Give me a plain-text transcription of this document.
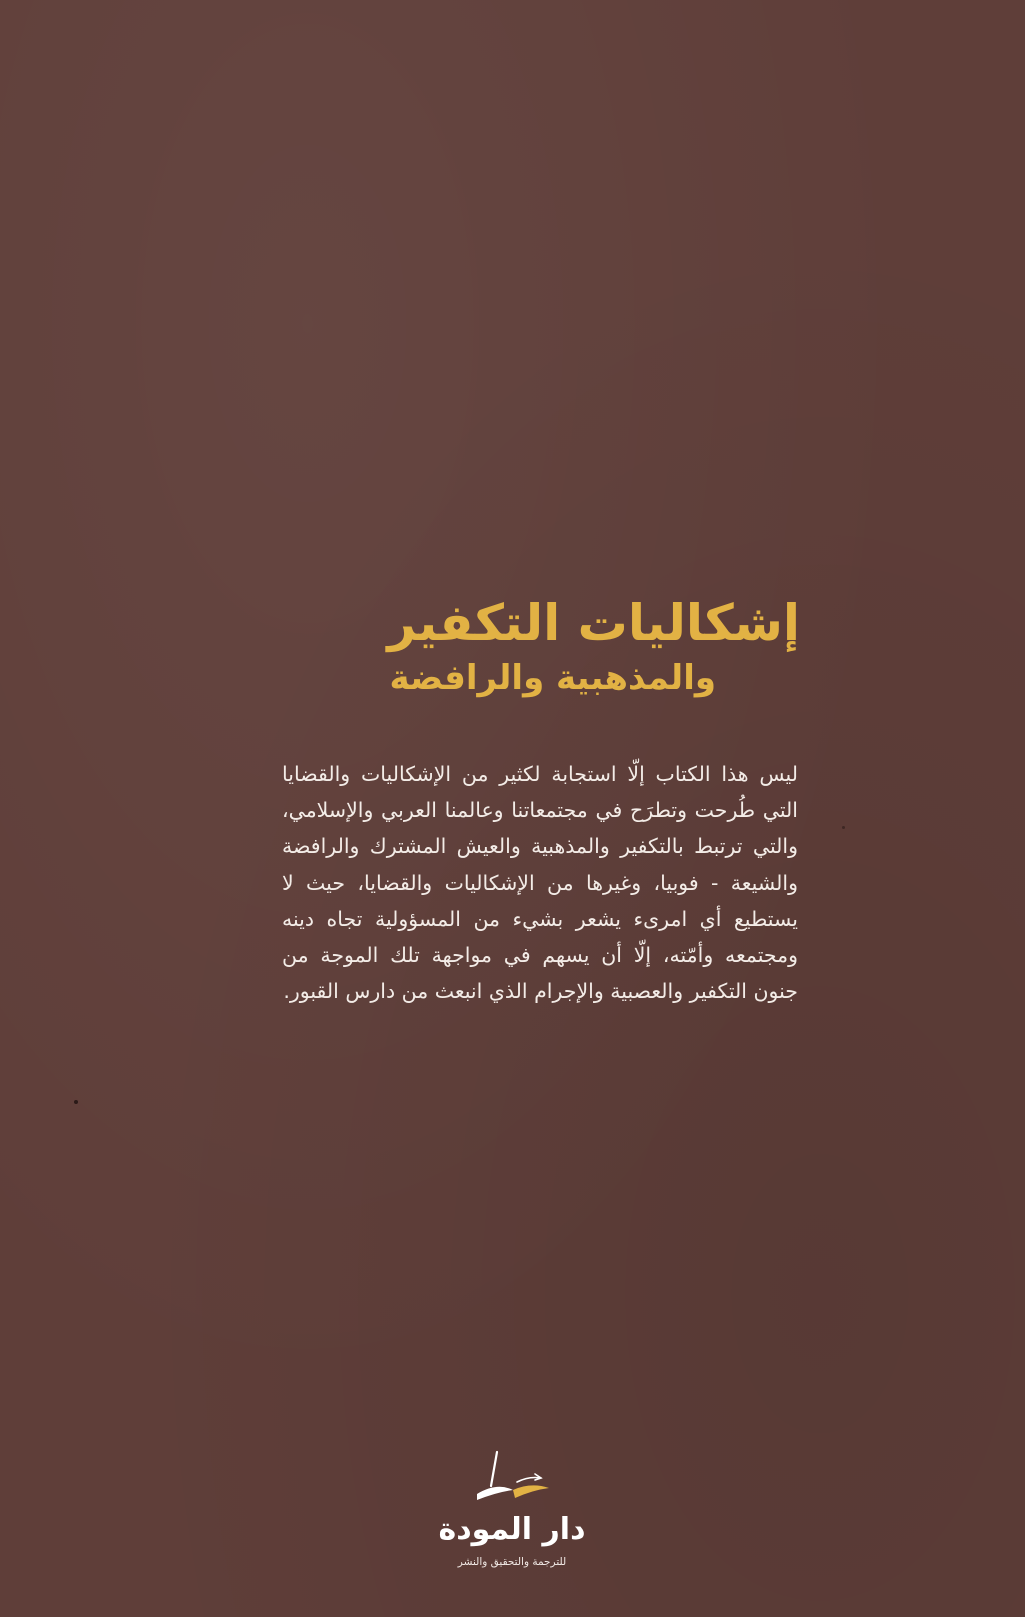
إشكاليات التكفير
والمذهبية والرافضة

ليس هذا الكتاب إلّا استجابة لكثير من الإشكاليات والقضايا التي طُرحت وتطرَح في مجتمعاتنا وعالمنا العربي والإسلامي، والتي ترتبط بالتكفير والمذهبية والعيش المشترك والرافضة والشيعة - فوبيا، وغيرها من الإشكاليات والقضايا، حيث لا يستطيع أي امرىء يشعر بشيء من المسؤولية تجاه دينه ومجتمعه وأمّته، إلّا أن يسهم في مواجهة تلك الموجة من جنون التكفير والعصبية والإجرام الذي انبعث من دارس القبور.

دار المودة
للترجمة والتحقيق والنشر
